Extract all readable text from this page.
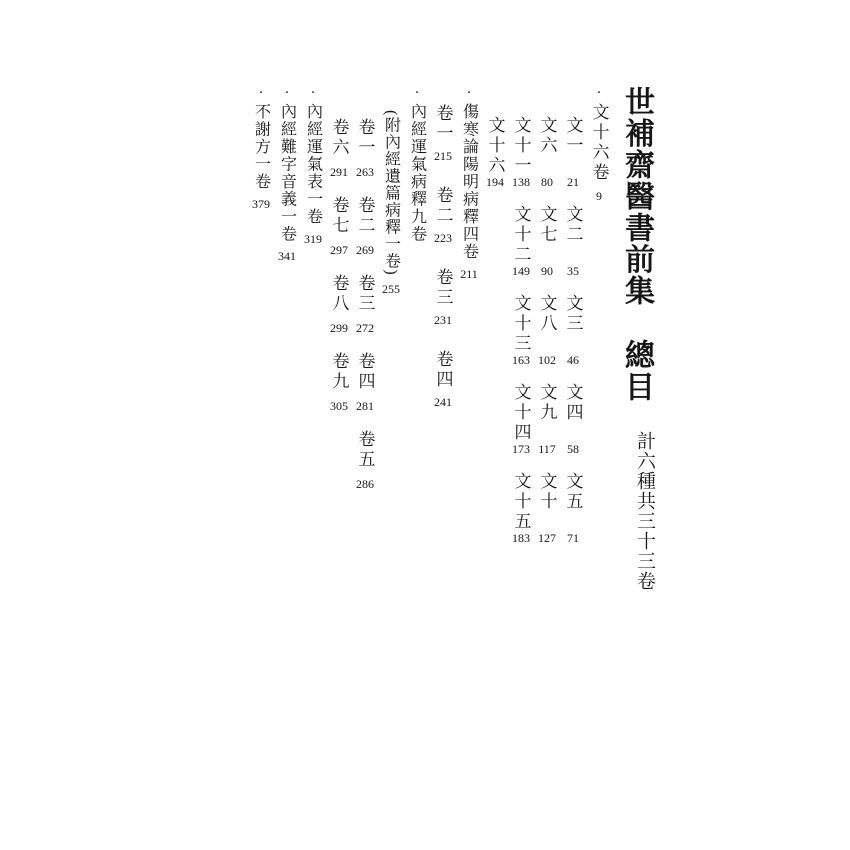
世補齋醫書前集
總目
計六種共三十三卷
·
文十六卷
9
文一
21
文二
35
文三
46
文四
58
文五
71
文六
80
文七
90
文八
102
文九
117
文十
127
文十一
138
文十二
149
文十三
163
文十四
173
文十五
183
文十六
194
·
傷寒論陽明病釋四卷
211
卷一
215
卷二
223
卷三
231
卷四
241
·
內經運氣病釋九卷
(附內經遺篇病釋一卷)
255
卷一
263
卷二
269
卷三
272
卷四
281
卷五
286
卷六
291
卷七
297
卷八
299
卷九
305
·
內經運氣表一卷
319
·
內經難字音義一卷
341
·
不謝方一卷
379
